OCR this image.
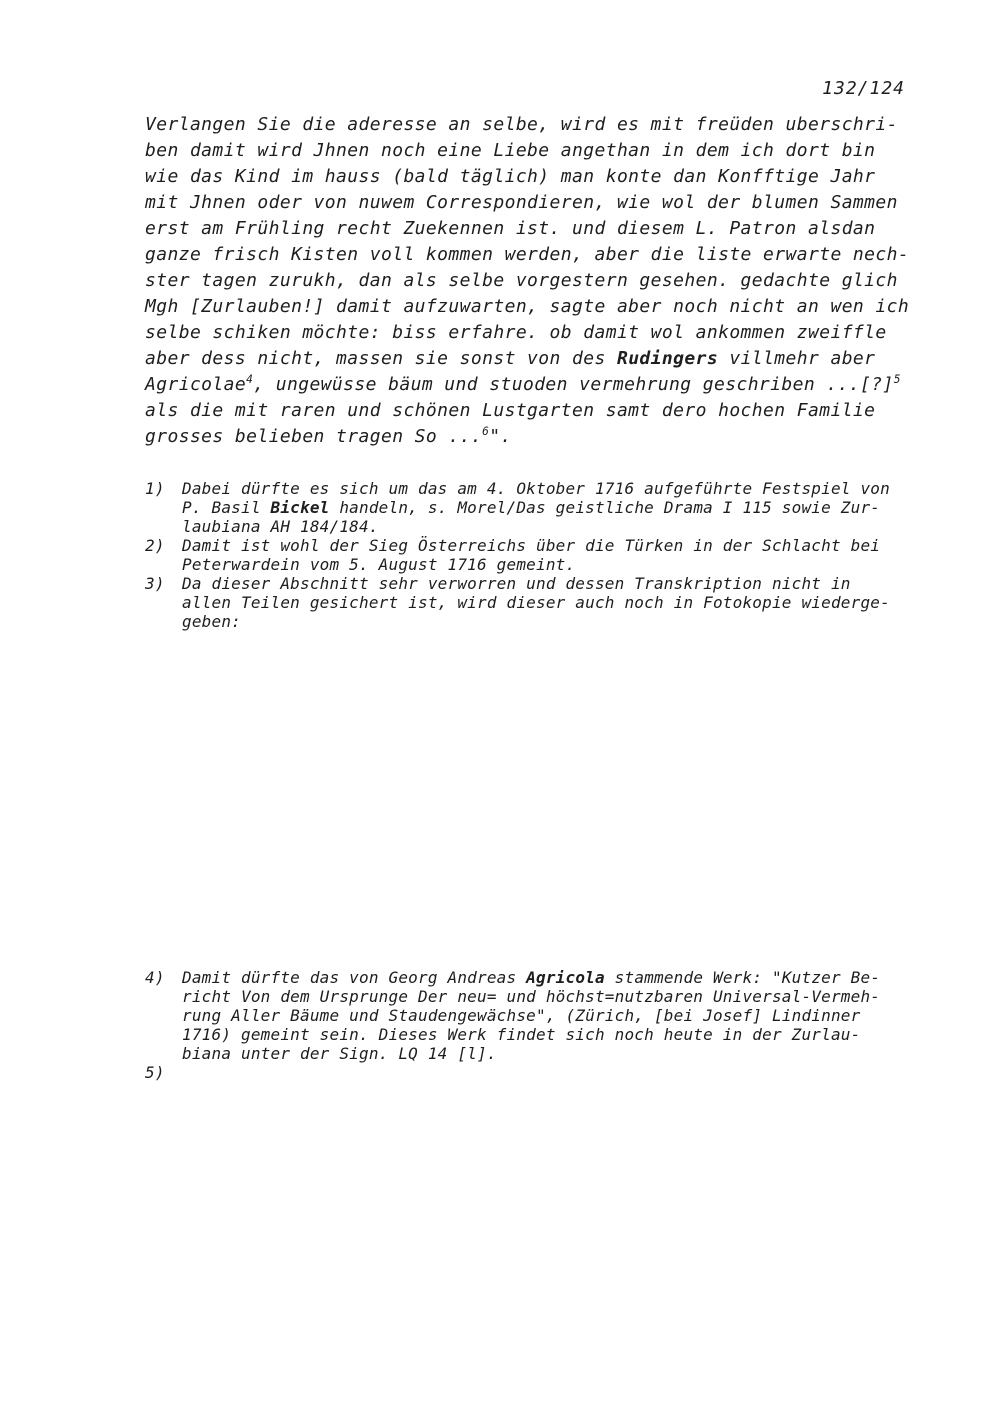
132/124
Verlangen Sie die aderesse an selbe, wird es mit freüden uberschri-
ben damit wird Jhnen noch eine Liebe angethan in dem ich dort bin
wie das Kind im hauss (bald täglich) man konte dan Konfftige Jahr
mit Jhnen oder von nuwem Correspondieren, wie wol der blumen Sammen
erst am Frühling recht Zuekennen ist. und diesem L. Patron alsdan
ganze frisch Kisten voll kommen werden, aber die liste erwarte nech-
ster tagen zurukh, dan als selbe vorgestern gesehen. gedachte glich
Mgh [Zurlauben!] damit aufzuwarten, sagte aber noch nicht an wen ich
selbe schiken möchte: biss erfahre. ob damit wol ankommen zweiffle
aber dess nicht, massen sie sonst von des Rudingers villmehr aber
Agricolae$^4$, ungewüsse bäum und stuoden vermehrung geschriben ...[?]$^5$
als die mit raren und schönen Lustgarten samt dero hochen Familie
grosses belieben tragen So ...$^6$".
1)	Dabei dürfte es sich um das am 4. Oktober 1716 aufgeführte Festspiel von
P. Basil Bickel handeln, s. Morel/Das geistliche Drama I 115 sowie Zur-
laubiana AH 184/184.
2)	Damit ist wohl der Sieg Österreichs über die Türken in der Schlacht bei
Peterwardein vom 5. August 1716 gemeint.
3)	Da dieser Abschnitt sehr verworren und dessen Transkription nicht in
allen Teilen gesichert ist, wird dieser auch noch in Fotokopie wiederge-
geben:
4)	Damit dürfte das von Georg Andreas Agricola stammende Werk: "Kutzer Be-
richt Von dem Ursprunge Der neu= und höchst=nutzbaren Universal-Vermeh-
rung Aller Bäume und Staudengewächse", (Zürich, [bei Josef] Lindinner
1716) gemeint sein. Dieses Werk findet sich noch heute in der Zurlau-
biana unter der Sign. LQ 14 [l].
5)
